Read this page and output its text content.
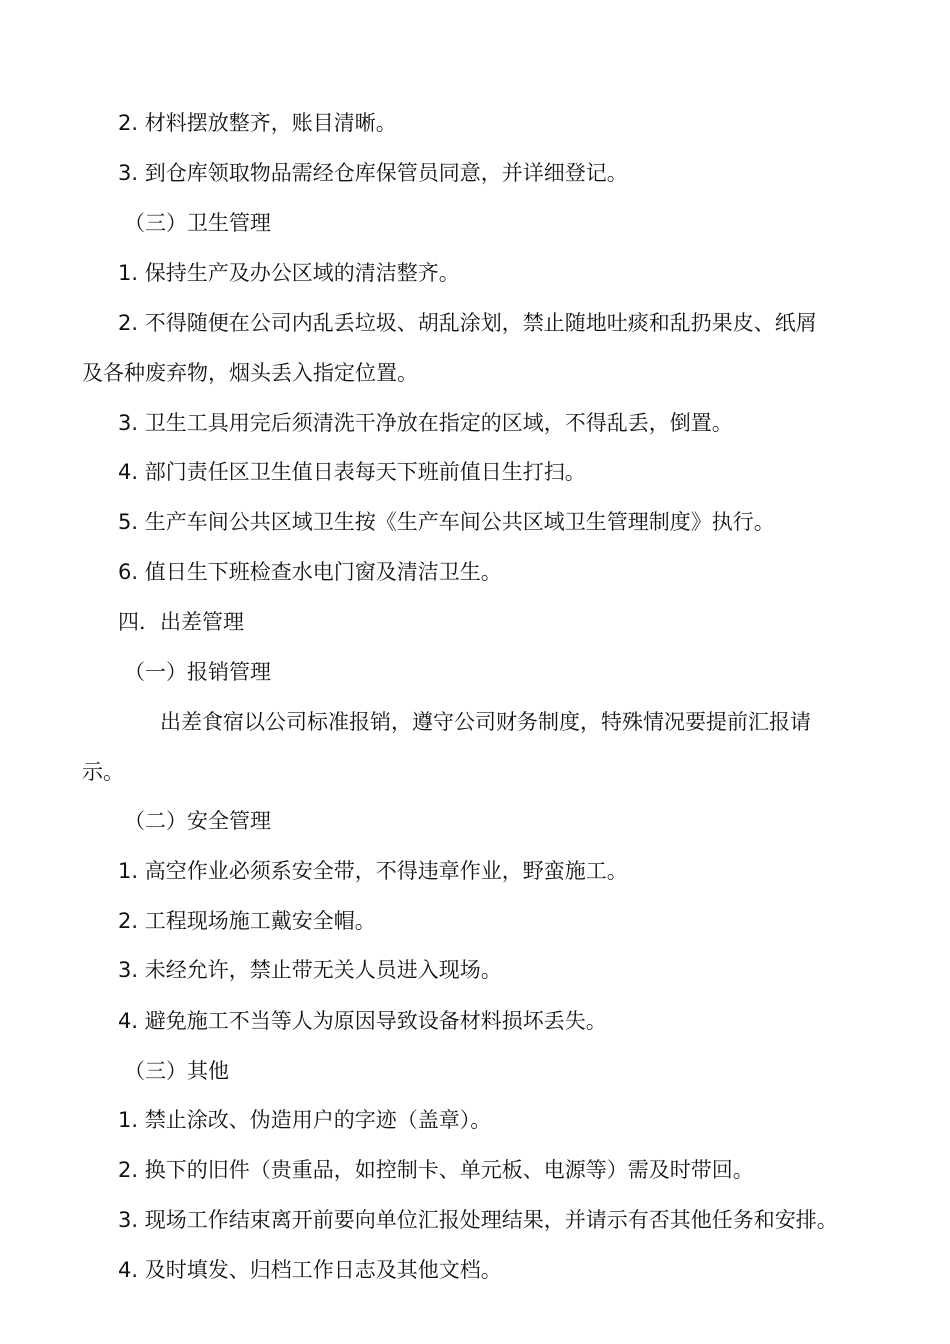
2. 材料摆放整齐，账目清晰。
3. 到仓库领取物品需经仓库保管员同意，并详细登记。
（三）卫生管理
1. 保持生产及办公区域的清洁整齐。
2. 不得随便在公司内乱丢垃圾、胡乱涂划，禁止随地吐痰和乱扔果皮、纸屑
及各种废弃物，烟头丢入指定位置。
3. 卫生工具用完后须清洗干净放在指定的区域，不得乱丢，倒置。
4. 部门责任区卫生值日表每天下班前值日生打扫。
5. 生产车间公共区域卫生按《生产车间公共区域卫生管理制度》执行。
6. 值日生下班检查水电门窗及清洁卫生。
四．出差管理
（一）报销管理
出差食宿以公司标准报销，遵守公司财务制度，特殊情况要提前汇报请
示。
（二）安全管理
1. 高空作业必须系安全带，不得违章作业，野蛮施工。
2. 工程现场施工戴安全帽。
3. 未经允许，禁止带无关人员进入现场。
4. 避免施工不当等人为原因导致设备材料损坏丢失。
（三）其他
1. 禁止涂改、伪造用户的字迹（盖章）。
2. 换下的旧件（贵重品，如控制卡、单元板、电源等）需及时带回。
3. 现场工作结束离开前要向单位汇报处理结果，并请示有否其他任务和安排。
4. 及时填发、归档工作日志及其他文档。
